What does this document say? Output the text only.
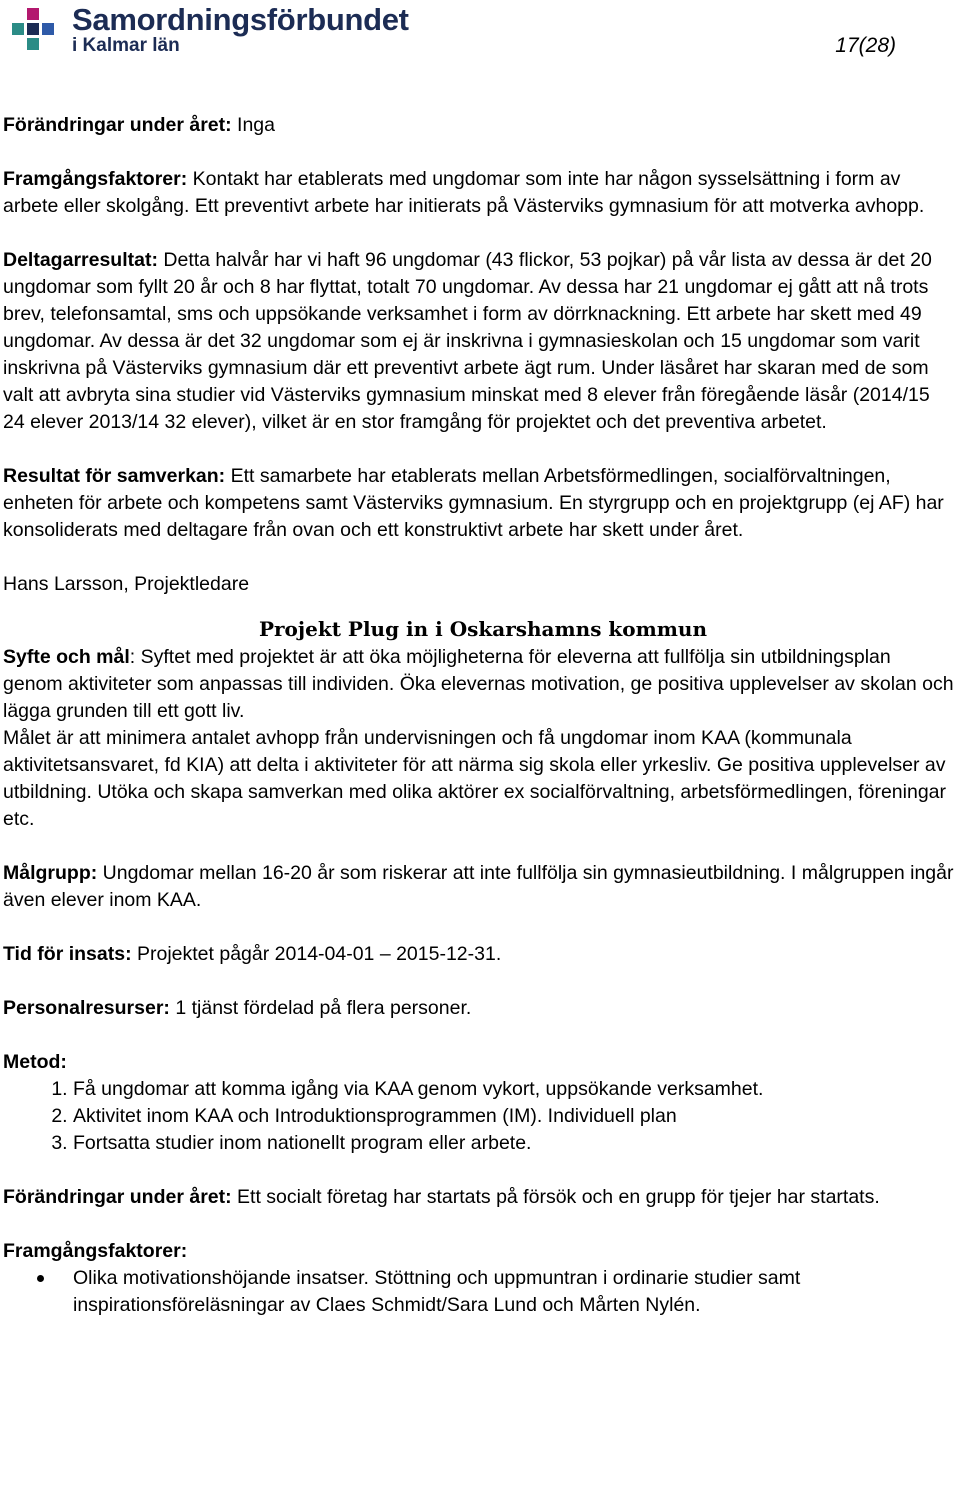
Samordningsförbundet
i Kalmar län	17(28)

Förändringar under året: Inga

Framgångsfaktorer: Kontakt har etablerats med ungdomar som inte har någon sysselsättning i form av arbete eller skolgång. Ett preventivt arbete har initierats på Västerviks gymnasium för att motverka avhopp.

Deltagarresultat: Detta halvår har vi haft 96 ungdomar (43 flickor, 53 pojkar) på vår lista av dessa är det 20 ungdomar som fyllt 20 år och 8 har flyttat, totalt 70 ungdomar. Av dessa har 21 ungdomar ej gått att nå trots brev, telefonsamtal, sms och uppsökande verksamhet i form av dörrknackning. Ett arbete har skett med 49 ungdomar. Av dessa är det 32 ungdomar som ej är inskrivna i gymnasieskolan och 15 ungdomar som varit inskrivna på Västerviks gymnasium där ett preventivt arbete ägt rum. Under läsåret har skaran med de som valt att avbryta sina studier vid Västerviks gymnasium minskat med 8 elever från föregående läsår (2014/15 24 elever 2013/14 32 elever), vilket är en stor framgång för projektet och det preventiva arbetet.

Resultat för samverkan: Ett samarbete har etablerats mellan Arbetsförmedlingen, socialförvaltningen, enheten för arbete och kompetens samt Västerviks gymnasium. En styrgrupp och en projektgrupp (ej AF) har konsoliderats med deltagare från ovan och ett konstruktivt arbete har skett under året.

Hans Larsson, Projektledare

Projekt Plug in i Oskarshamns kommun

Syfte och mål: Syftet med projektet är att öka möjligheterna för eleverna att fullfölja sin utbildningsplan genom aktiviteter som anpassas till individen. Öka elevernas motivation, ge positiva upplevelser av skolan och lägga grunden till ett gott liv.

Målet är att minimera antalet avhopp från undervisningen och få ungdomar inom KAA (kommunala aktivitetsansvaret, fd KIA) att delta i aktiviteter för att närma sig skola eller yrkesliv. Ge positiva upplevelser av utbildning. Utöka och skapa samverkan med olika aktörer ex socialförvaltning, arbetsförmedlingen, föreningar etc.

Målgrupp: Ungdomar mellan 16-20 år som riskerar att inte fullfölja sin gymnasieutbildning. I målgruppen ingår även elever inom KAA.

Tid för insats: Projektet pågår 2014-04-01 – 2015-12-31.

Personalresurser: 1 tjänst fördelad på flera personer.

Metod:

1. Få ungdomar att komma igång via KAA genom vykort, uppsökande verksamhet.
2. Aktivitet inom KAA och Introduktionsprogrammen (IM). Individuell plan
3. Fortsatta studier inom nationellt program eller arbete.

Förändringar under året: Ett socialt företag har startats på försök och en grupp för tjejer har startats.

Framgångsfaktorer:

Olika motivationshöjande insatser. Stöttning och uppmuntran i ordinarie studier samt inspirationsföreläsningar av Claes Schmidt/Sara Lund och Mårten Nylén.
